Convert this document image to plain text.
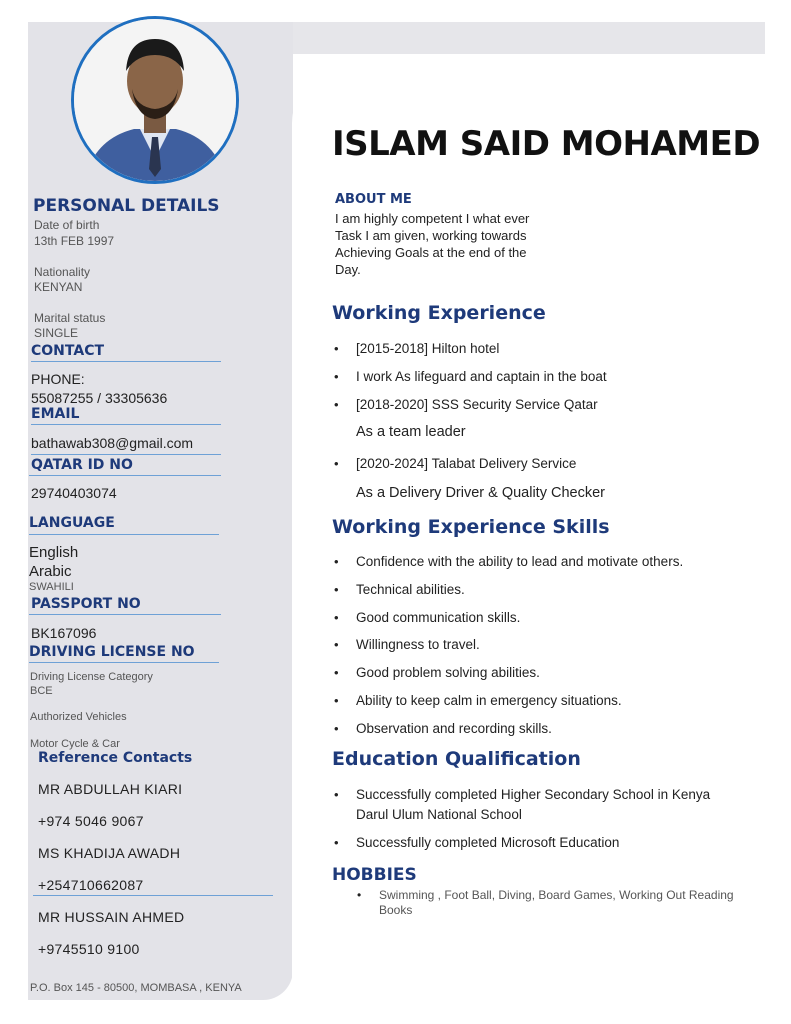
PERSONAL DETAILS
Date of birth
13th FEB 1997
Nationality
KENYAN
Marital status
SINGLE
CONTACT
PHONE:
55087255 / 33305636
EMAIL
bathawab308@gmail.com
QATAR ID NO
29740403074
LANGUAGE
English
Arabic
SWAHILI
PASSPORT NO
BK167096
DRIVING LICENSE NO
Driving License Category
BCE
Authorized Vehicles
Motor Cycle & Car
Reference Contacts
MR ABDULLAH KIARI
+974 5046 9067
MS KHADIJA AWADH
+254710662087
MR HUSSAIN AHMED
+9745510 9100
P.O. Box 145 - 80500, MOMBASA , KENYA
ISLAM SAID MOHAMED
ABOUT ME
I am highly competent I what ever
Task I am given, working towards
Achieving Goals at the end of the
Day.
Working Experience
• [2015-2018] Hilton hotel
• I work As lifeguard and captain in the boat
• [2018-2020] SSS Security Service Qatar
As a team leader
• [2020-2024] Talabat Delivery Service
As a Delivery Driver & Quality Checker
Working Experience Skills
• Confidence with the ability to lead and motivate others.
• Technical abilities.
• Good communication skills.
• Willingness to travel.
• Good problem solving abilities.
• Ability to keep calm in emergency situations.
• Observation and recording skills.
Education Qualification
• Successfully completed Higher Secondary School in Kenya
Darul Ulum National School
• Successfully completed Microsoft Education
HOBBIES
• Swimming , Foot Ball, Diving, Board Games, Working Out Reading Books
